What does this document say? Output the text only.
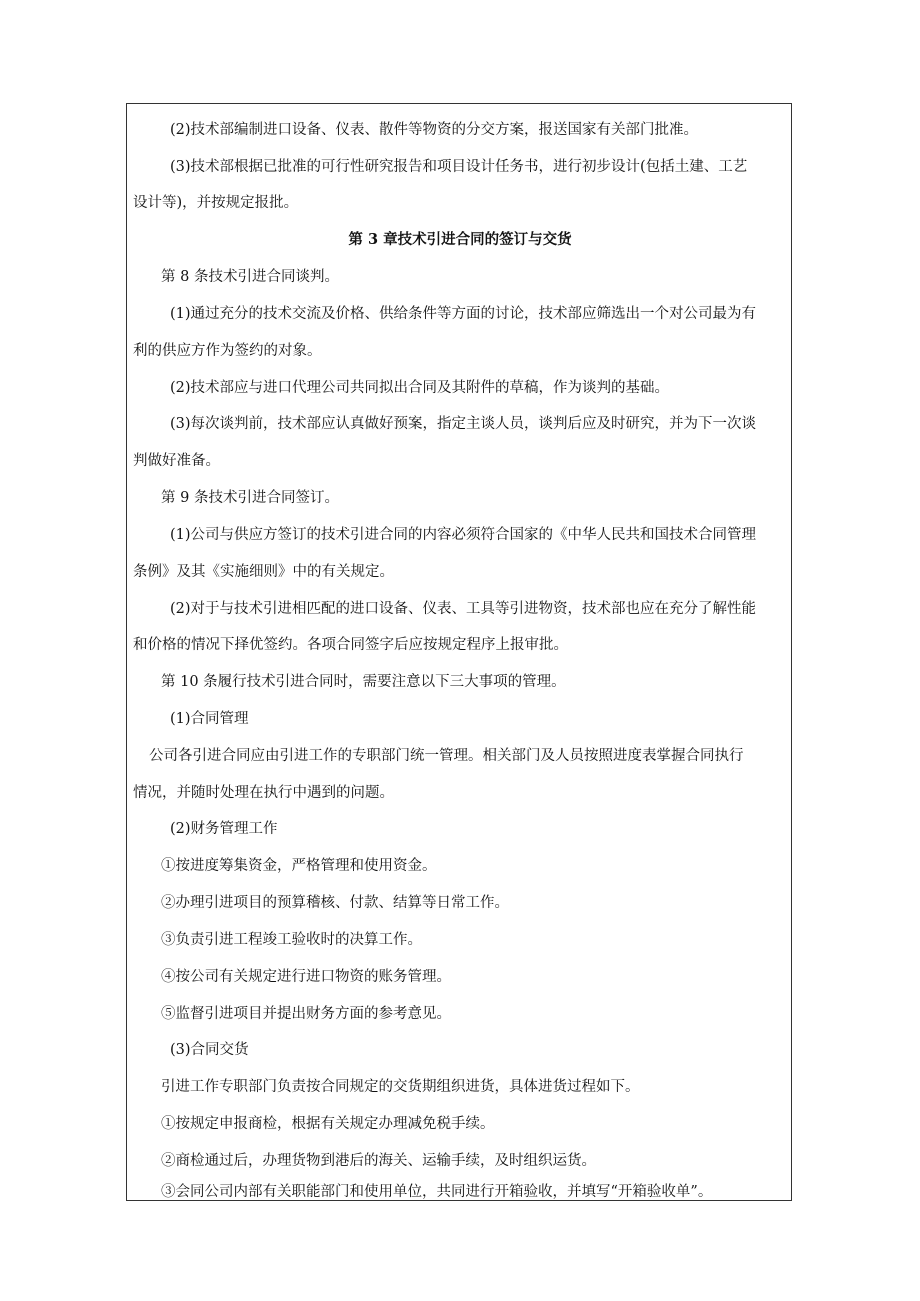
(2)技术部编制进口设备、仪表、散件等物资的分交方案，报送国家有关部门批准。
(3)技术部根据已批准的可行性研究报告和项目设计任务书，进行初步设计(包括土建、工艺
设计等)，并按规定报批。
第 3 章技术引进合同的签订与交货
第 8 条技术引进合同谈判。
(1)通过充分的技术交流及价格、供给条件等方面的讨论，技术部应筛选出一个对公司最为有
利的供应方作为签约的对象。
(2)技术部应与进口代理公司共同拟出合同及其附件的草稿，作为谈判的基础。
(3)每次谈判前，技术部应认真做好预案，指定主谈人员，谈判后应及时研究，并为下一次谈
判做好准备。
第 9 条技术引进合同签订。
(1)公司与供应方签订的技术引进合同的内容必须符合国家的《中华人民共和国技术合同管理
条例》及其《实施细则》中的有关规定。
(2)对于与技术引进相匹配的进口设备、仪表、工具等引进物资，技术部也应在充分了解性能
和价格的情况下择优签约。各项合同签字后应按规定程序上报审批。
第 10 条履行技术引进合同时，需要注意以下三大事项的管理。
(1)合同管理
公司各引进合同应由引进工作的专职部门统一管理。相关部门及人员按照进度表掌握合同执行
情况，并随时处理在执行中遇到的问题。
(2)财务管理工作
①按进度筹集资金，严格管理和使用资金。
②办理引进项目的预算稽核、付款、结算等日常工作。
③负责引进工程竣工验收时的决算工作。
④按公司有关规定进行进口物资的账务管理。
⑤监督引进项目并提出财务方面的参考意见。
(3)合同交货
引进工作专职部门负责按合同规定的交货期组织进货，具体进货过程如下。
①按规定申报商检，根据有关规定办理减免税手续。
②商检通过后，办理货物到港后的海关、运输手续，及时组织运货。
③会同公司内部有关职能部门和使用单位，共同进行开箱验收，并填写“开箱验收单”。
